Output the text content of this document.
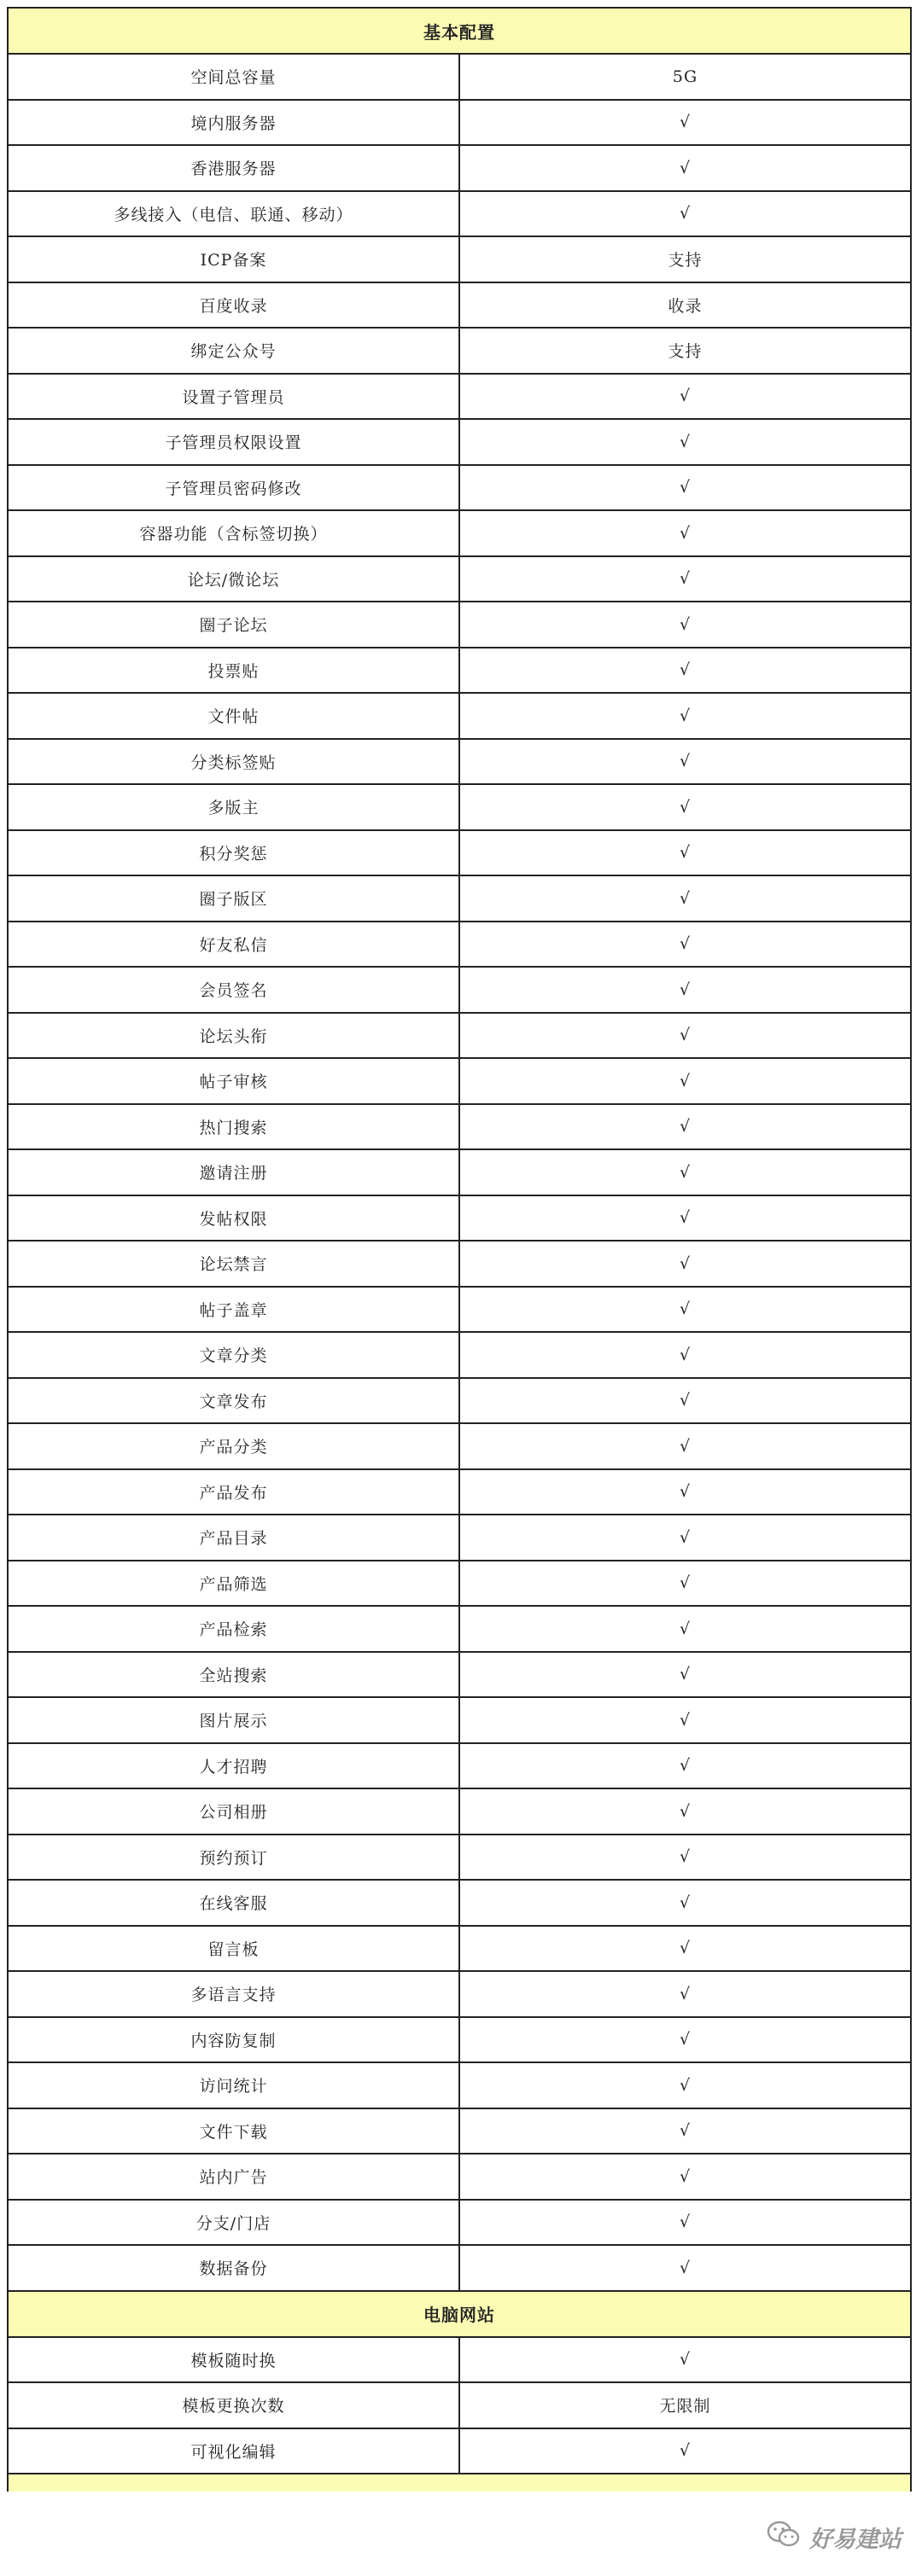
基本配置	
空间总容量	5G
境内服务器	√
香港服务器	√
多线接入（电信、联通、移动）	√
ICP备案	支持
百度收录	收录
绑定公众号	支持
设置子管理员	√
子管理员权限设置	√
子管理员密码修改	√
容器功能（含标签切换）	√
论坛/微论坛	√
圈子论坛	√
投票贴	√
文件帖	√
分类标签贴	√
多版主	√
积分奖惩	√
圈子版区	√
好友私信	√
会员签名	√
论坛头衔	√
帖子审核	√
热门搜索	√
邀请注册	√
发帖权限	√
论坛禁言	√
帖子盖章	√
文章分类	√
文章发布	√
产品分类	√
产品发布	√
产品目录	√
产品筛选	√
产品检索	√
全站搜索	√
图片展示	√
人才招聘	√
公司相册	√
预约预订	√
在线客服	√
留言板	√
多语言支持	√
内容防复制	√
访问统计	√
文件下载	√
站内广告	√
分支/门店	√
数据备份	√
电脑网站	
模板随时换	√
模板更换次数	无限制
可视化编辑	√

好易建站
